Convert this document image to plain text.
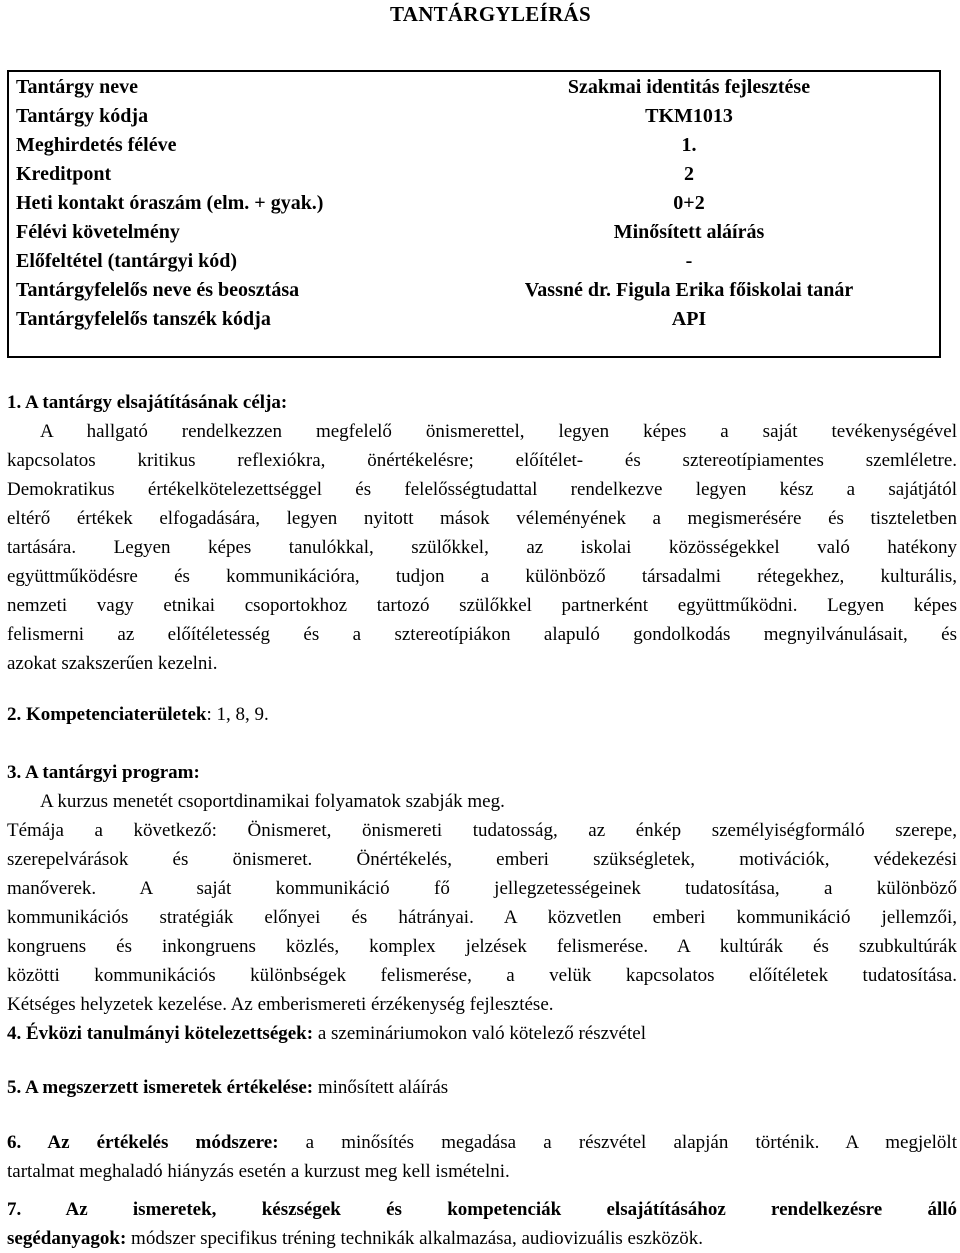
TANTÁRGYLEÍRÁS
Tantárgy neve	Szakmai identitás fejlesztése
Tantárgy kódja	TKM1013
Meghirdetés féléve	1.
Kreditpont	2
Heti kontakt óraszám (elm. + gyak.)	0+2
Félévi követelmény	Minősített aláírás
Előfeltétel (tantárgyi kód)	-
Tantárgyfelelős neve és beosztása	Vassné dr. Figula Erika főiskolai tanár
Tantárgyfelelős tanszék kódja	API

1. A tantárgy elsajátításának célja:

A hallgató rendelkezzen megfelelő önismerettel, legyen képes a saját tevékenységével

kapcsolatos kritikus reflexiókra, önértékelésre; előítélet- és sztereotípiamentes szemléletre.

Demokratikus értékelkötelezettséggel és felelősségtudattal rendelkezve legyen kész a sajátjától

eltérő értékek elfogadására, legyen nyitott mások véleményének a megismerésére és tiszteletben

tartására. Legyen képes tanulókkal, szülőkkel, az iskolai közösségekkel való hatékony

együttműködésre és kommunikációra, tudjon a különböző társadalmi rétegekhez, kulturális,

nemzeti vagy etnikai csoportokhoz tartozó szülőkkel partnerként együttműködni. Legyen képes

felismerni az előítéletesség és a sztereotípiákon alapuló gondolkodás megnyilvánulásait, és

azokat szakszerűen kezelni.

2. Kompetenciaterületek: 1, 8, 9.

3. A tantárgyi program:

A kurzus menetét csoportdinamikai folyamatok szabják meg.

Témája a következő: Önismeret, önismereti tudatosság, az énkép személyiségformáló szerepe,

szerepelvárások és önismeret. Önértékelés, emberi szükségletek, motivációk, védekezési

manőverek. A saját kommunikáció fő jellegzetességeinek tudatosítása, a különböző

kommunikációs stratégiák előnyei és hátrányai. A közvetlen emberi kommunikáció jellemzői,

kongruens és inkongruens közlés, komplex jelzések felismerése. A kultúrák és szubkultúrák

közötti kommunikációs különbségek felismerése, a velük kapcsolatos előítéletek tudatosítása.

Kétséges helyzetek kezelése. Az emberismereti érzékenység fejlesztése.

4. Évközi tanulmányi kötelezettségek: a szemináriumokon való kötelező részvétel

5. A megszerzett ismeretek értékelése: minősített aláírás

6. Az értékelés módszere: a minősítés megadása a részvétel alapján történik. A megjelölt

tartalmat meghaladó hiányzás esetén a kurzust meg kell ismételni.

7. Az ismeretek, készségek és kompetenciák elsajátításához rendelkezésre álló

segédanyagok: módszer specifikus tréning technikák alkalmazása, audiovizuális eszközök.
